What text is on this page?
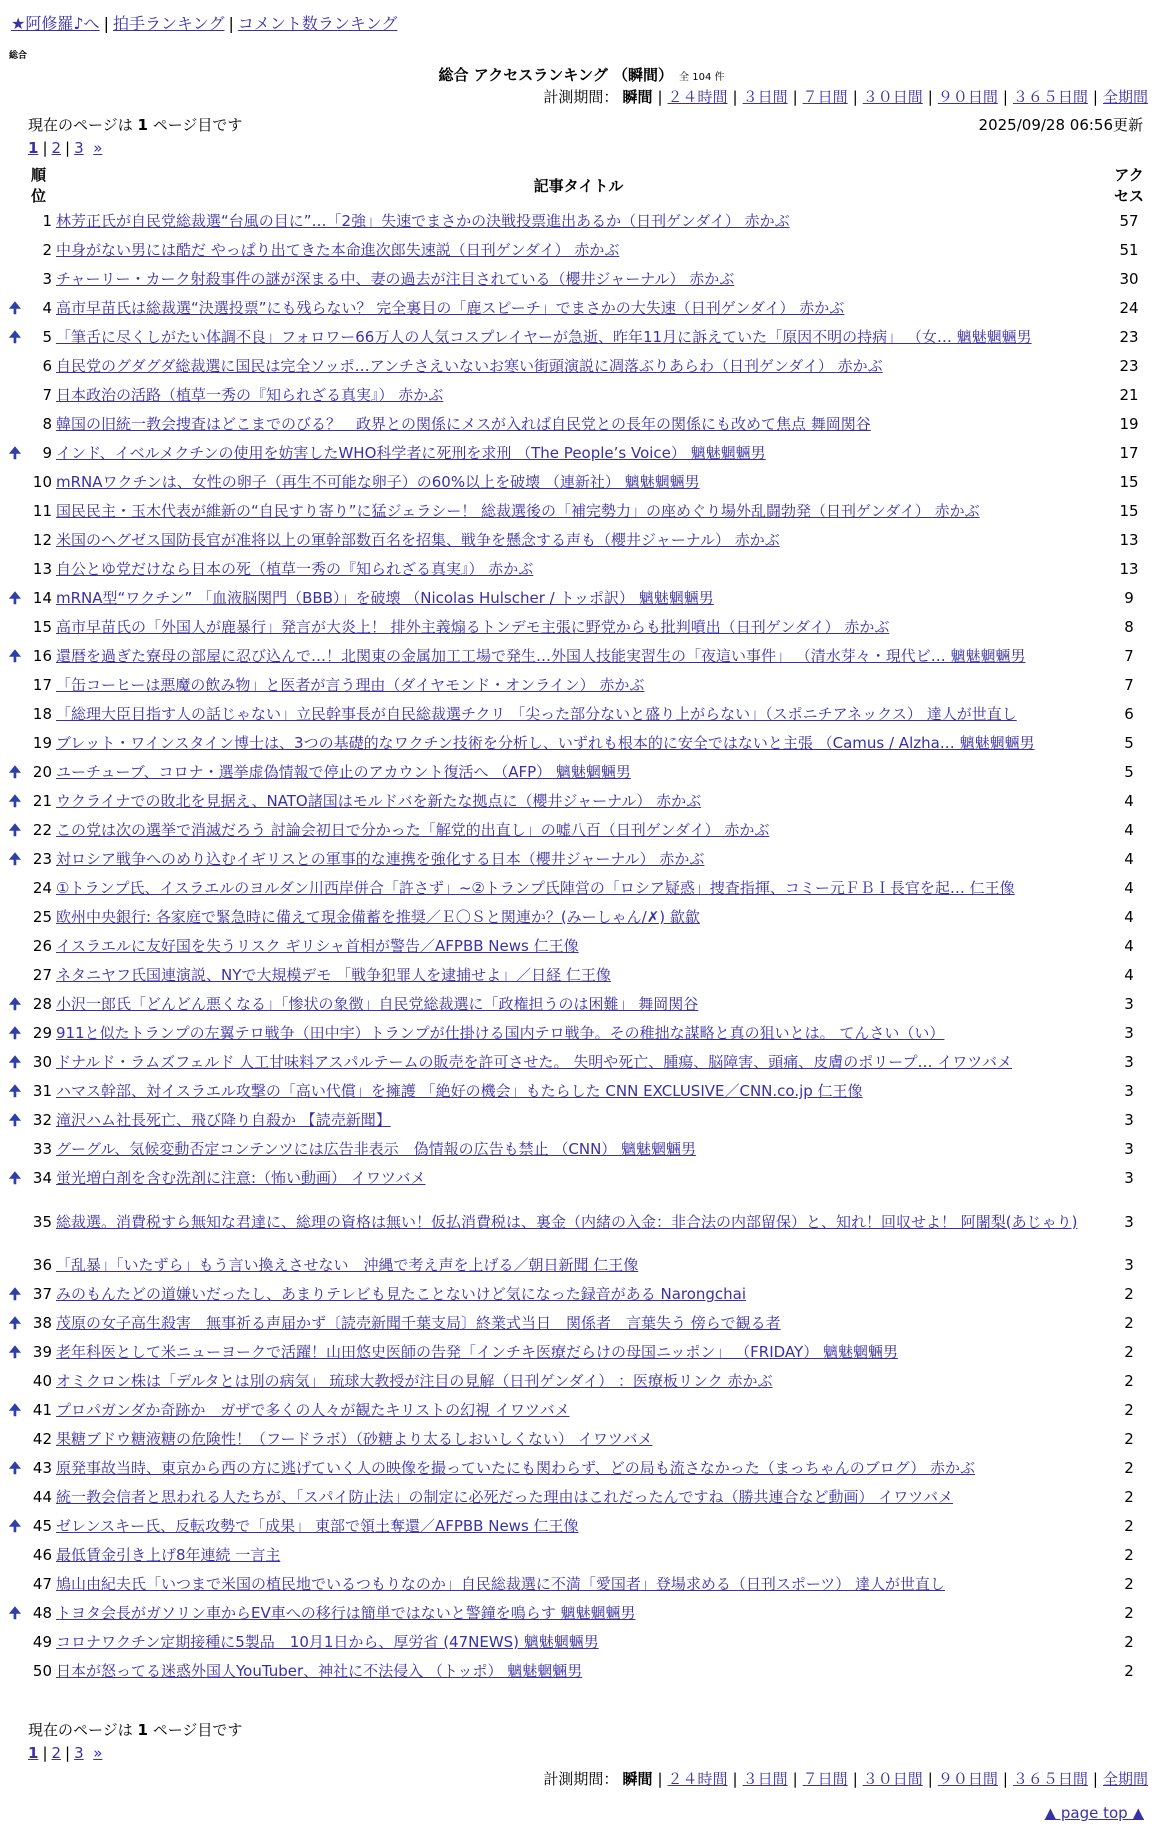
★阿修羅♪へ | 拍手ランキング | コメント数ランキング
総合
総合 アクセスランキング （瞬間） 全 104 件
計測期間： 瞬間 | ２４時間 | ３日間 | ７日間 | ３０日間 | ９０日間 | ３６５日間 | 全期間
現在のページは 1 ページ目です	2025/09/28 06:56更新
1 | 2 | 3 »
順
位		記事タイトル	アク
セス
	1	林芳正氏が自民党総裁選“台風の目に”…「2強」失速でまさかの決戦投票進出あるか（日刊ゲンダイ） 赤かぶ	57
	2	中身がない男には酷だ やっぱり出てきた本命進次郎失速説（日刊ゲンダイ） 赤かぶ	51
	3	チャーリー・カーク射殺事件の謎が深まる中、妻の過去が注目されている（櫻井ジャーナル） 赤かぶ	30
🠉	4	高市早苗氏は総裁選“決選投票”にも残らない？ 完全裏目の「鹿スピーチ」でまさかの大失速（日刊ゲンダイ） 赤かぶ	24
🠉	5	「筆舌に尽くしがたい体調不良」フォロワー66万人の人気コスプレイヤーが急逝、昨年11月に訴えていた「原因不明の持病」 （女… 魑魅魍魎男	23
	6	自民党のグダグダ総裁選に国民は完全ソッポ…アンチさえいないお寒い街頭演説に凋落ぶりあらわ（日刊ゲンダイ） 赤かぶ	23
	7	日本政治の活路（植草一秀の『知られざる真実』） 赤かぶ	21
	8	韓国の旧統一教会捜査はどこまでのびる？　政界との関係にメスが入れば自民党との長年の関係にも改めて焦点 舞岡関谷	19
🠉	9	インド、イベルメクチンの使用を妨害したWHO科学者に死刑を求刑 （The People’s Voice） 魑魅魍魎男	17
	10	mRNAワクチンは、女性の卵子（再生不可能な卵子）の60%以上を破壊 （連新社） 魑魅魍魎男	15
	11	国民民主・玉木代表が維新の“自民すり寄り”に猛ジェラシー！ 総裁選後の「補完勢力」の座めぐり場外乱闘勃発（日刊ゲンダイ） 赤かぶ	15
	12	米国のヘグゼス国防長官が准将以上の軍幹部数百名を招集、戦争を懸念する声も（櫻井ジャーナル） 赤かぶ	13
	13	自公とゆ党だけなら日本の死（植草一秀の『知られざる真実』） 赤かぶ	13
🠉	14	mRNA型“ワクチン” 「血液脳関門（BBB）」を破壊 （Nicolas Hulscher / トッポ訳） 魑魅魍魎男	9
	15	高市早苗氏の「外国人が鹿暴行」発言が大炎上！ 排外主義煽るトンデモ主張に野党からも批判噴出（日刊ゲンダイ） 赤かぶ	8
🠉	16	還暦を過ぎた寮母の部屋に忍び込んで…！北関東の金属加工工場で発生…外国人技能実習生の「夜這い事件」 （清水芽々・現代ビ… 魑魅魍魎男	7
	17	「缶コーヒーは悪魔の飲み物」と医者が言う理由（ダイヤモンド・オンライン） 赤かぶ	7
	18	「総理大臣目指す人の話じゃない」立民幹事長が自民総裁選チクリ 「尖った部分ないと盛り上がらない」（スポニチアネックス） 達人が世直し	6
	19	ブレット・ワインスタイン博士は、3つの基礎的なワクチン技術を分析し、いずれも根本的に安全ではないと主張 （Camus / Alzha… 魑魅魍魎男	5
🠉	20	ユーチューブ、コロナ・選挙虚偽情報で停止のアカウント復活へ （AFP） 魑魅魍魎男	5
🠉	21	ウクライナでの敗北を見据え、NATO諸国はモルドバを新たな拠点に（櫻井ジャーナル） 赤かぶ	4
🠉	22	この党は次の選挙で消滅だろう 討論会初日で分かった「解党的出直し」の嘘八百（日刊ゲンダイ） 赤かぶ	4
🠉	23	対ロシア戦争へのめり込むイギリスとの軍事的な連携を強化する日本（櫻井ジャーナル） 赤かぶ	4
	24	①トランプ氏、イスラエルのヨルダン川西岸併合「許さず」~②トランプ氏陣営の「ロシア疑惑」捜査指揮、コミー元ＦＢＩ長官を起… 仁王像	4
	25	欧州中央銀行: 各家庭で緊急時に備えて現金備蓄を推奨／Ｅ〇Ｓと関連か？(みーしゃん/✗) 歙歙	4
	26	イスラエルに友好国を失うリスク ギリシャ首相が警告／AFPBB News 仁王像	4
	27	ネタニヤフ氏国連演説、NYで大規模デモ 「戦争犯罪人を逮捕せよ」／日経 仁王像	4
🠉	28	小沢一郎氏「どんどん悪くなる」「惨状の象徴」自民党総裁選に「政権担うのは困難」 舞岡関谷	3
🠉	29	911と似たトランプの左翼テロ戦争（田中宇）トランプが仕掛ける国内テロ戦争。その稚拙な謀略と真の狙いとは。 てんさい（い）	3
🠉	30	ドナルド・ラムズフェルド 人工甘味料アスパルテームの販売を許可させた。 失明や死亡、腫瘍、脳障害、頭痛、皮膚のポリープ… イワツバメ	3
🠉	31	ハマス幹部、対イスラエル攻撃の「高い代償」を擁護 「絶好の機会」もたらした CNN EXCLUSIVE／CNN.co.jp 仁王像	3
🠉	32	滝沢ハム社長死亡、飛び降り自殺か 【読売新聞】	3
	33	グーグル、気候変動否定コンテンツには広告非表示　偽情報の広告も禁止 （CNN） 魑魅魍魎男	3
🠉	34	蛍光増白剤を含む洗剤に注意:（怖い動画） イワツバメ	3
	35	総裁選。消費税すら無知な君達に、総理の資格は無い！仮払消費税は、裏金（内緒の入金：非合法の内部留保）と、知れ！回収せよ！ 阿闍梨(あじゃり)	3
	36	「乱暴」「いたずら」もう言い換えさせない　沖縄で考え声を上げる／朝日新聞 仁王像	3
🠉	37	みのもんたどの道嫌いだったし、あまりテレビも見たことないけど気になった録音がある Narongchai	2
🠉	38	茂原の女子高生殺害　無事祈る声届かず〔読売新聞千葉支局〕終業式当日　関係者　言葉失う 傍らで観る者	2
🠉	39	老年科医として米ニューヨークで活躍！山田悠史医師の告発「インチキ医療だらけの母国ニッポン」 （FRIDAY） 魑魅魍魎男	2
	40	オミクロン株は「デルタとは別の病気」 琉球大教授が注目の見解（日刊ゲンダイ） ：医療板リンク 赤かぶ	2
🠉	41	プロパガンダか奇跡か　ガザで多くの人々が観たキリストの幻視 イワツバメ	2
	42	果糖ブドウ糖液糖の危険性！（フードラボ）（砂糖より太るしおいしくない） イワツバメ	2
🠉	43	原発事故当時、東京から西の方に逃げていく人の映像を撮っていたにも関わらず、どの局も流さなかった（まっちゃんのブログ） 赤かぶ	2
	44	統一教会信者と思われる人たちが、「スパイ防止法」の制定に必死だった理由はこれだったんですね（勝共連合など動画） イワツバメ	2
🠉	45	ゼレンスキー氏、反転攻勢で「成果」 東部で領土奪還／AFPBB News 仁王像	2
	46	最低賃金引き上げ8年連続 一言主	2
	47	鳩山由紀夫氏「いつまで米国の植民地でいるつもりなのか」自民総裁選に不満「愛国者」登場求める（日刊スポーツ） 達人が世直し	2
🠉	48	トヨタ会長がガソリン車からEV車への移行は簡単ではないと警鐘を鳴らす 魑魅魍魎男	2
	49	コロナワクチン定期接種に5製品　10月1日から、厚労省 (47NEWS) 魑魅魍魎男	2
	50	日本が怒ってる迷惑外国人YouTuber、神社に不法侵入 （トッポ） 魑魅魍魎男	2
現在のページは 1 ページ目です
1 | 2 | 3 »
計測期間： 瞬間 | ２４時間 | ３日間 | ７日間 | ３０日間 | ９０日間 | ３６５日間 | 全期間
▲ page top ▲
